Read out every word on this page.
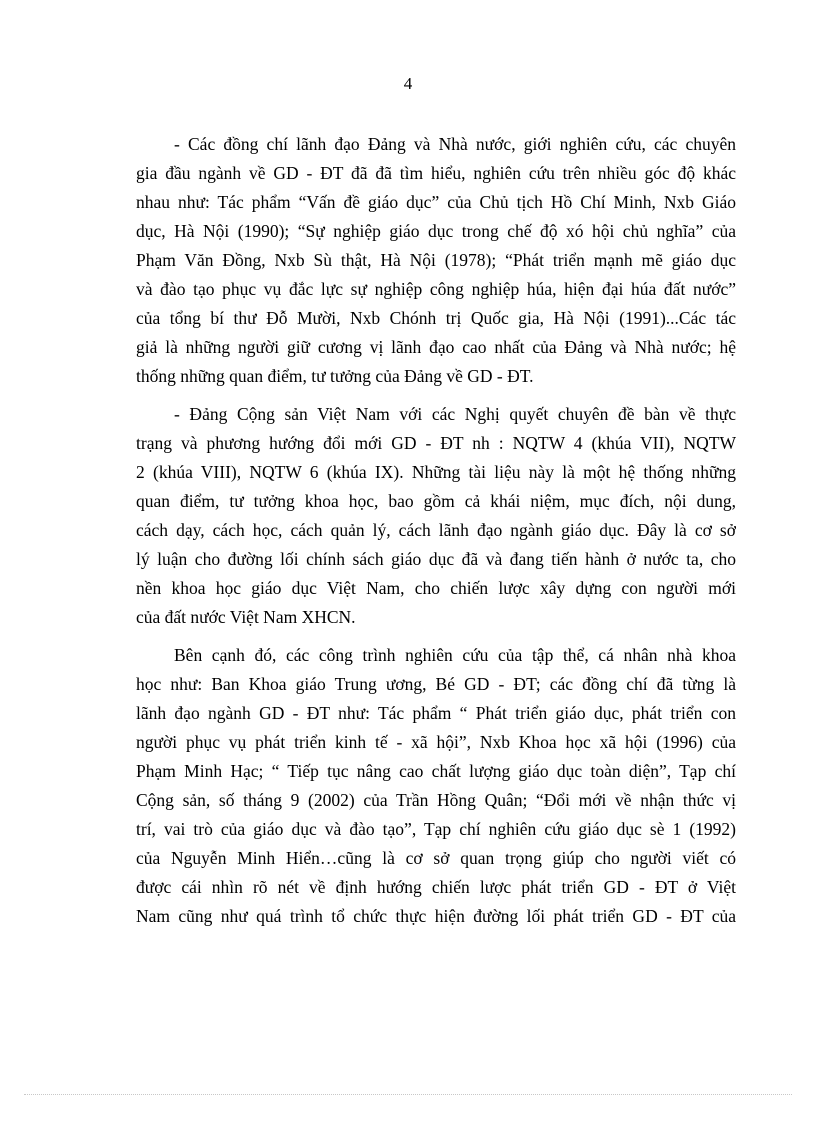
4
- Các đồng chí lãnh đạo Đảng và Nhà nước, giới nghiên cứu, các chuyên
gia đầu ngành về GD - ĐT đã đã tìm hiểu, nghiên cứu trên nhiều góc độ khác
nhau như: Tác phẩm “Vấn đề giáo dục” của Chủ tịch Hồ Chí Minh, Nxb Giáo
dục, Hà Nội (1990); “Sự nghiệp giáo dục trong chế độ xó hội chủ nghĩa” của
Phạm Văn Đồng, Nxb Sù thật, Hà Nội (1978); “Phát triển mạnh mẽ giáo dục
và đào tạo phục vụ đắc lực sự nghiệp công nghiệp húa, hiện đại húa đất nước”
của tổng bí thư Đỗ Mười, Nxb Chónh trị Quốc gia, Hà Nội (1991)...Các tác
giả là những người giữ cương vị lãnh đạo cao nhất của Đảng và Nhà nước; hệ
thống những quan điểm, tư tưởng của Đảng về GD - ĐT.
- Đảng Cộng sản Việt Nam với các Nghị quyết chuyên đề bàn về thực
trạng và phương hướng đổi mới GD - ĐT nh : NQTW 4 (khúa VII), NQTW
2 (khúa VIII), NQTW 6 (khúa IX). Những tài liệu này là một hệ thống những
quan điểm, tư tưởng khoa học, bao gồm cả khái niệm, mục đích, nội dung,
cách dạy, cách học, cách quản lý, cách lãnh đạo ngành giáo dục. Đây là cơ sở
lý luận cho đường lối chính sách giáo dục đã và đang tiến hành ở nước ta, cho
nền khoa học giáo dục Việt Nam, cho chiến lược xây dựng con người mới
của đất nước Việt Nam XHCN.
Bên cạnh đó, các công trình nghiên cứu của tập thể, cá nhân nhà khoa
học như: Ban Khoa giáo Trung ương, Bé GD - ĐT; các đồng chí đã từng là
lãnh đạo ngành GD - ĐT như: Tác phẩm “ Phát triển giáo dục, phát triển con
người phục vụ phát triển kinh tế - xã hội”, Nxb Khoa học xã hội (1996) của
Phạm Minh Hạc; “ Tiếp tục nâng cao chất lượng giáo dục toàn diện”, Tạp chí
Cộng sản, số tháng 9 (2002) của Trần Hồng Quân; “Đổi mới về nhận thức vị
trí, vai trò của giáo dục và đào tạo”, Tạp chí nghiên cứu giáo dục sè 1 (1992)
của Nguyễn Minh Hiển…cũng là cơ sở quan trọng giúp cho người viết có
được cái nhìn rõ nét về định hướng chiến lược phát triển GD - ĐT ở Việt
Nam cũng như quá trình tổ chức thực hiện đường lối phát triển GD - ĐT của
